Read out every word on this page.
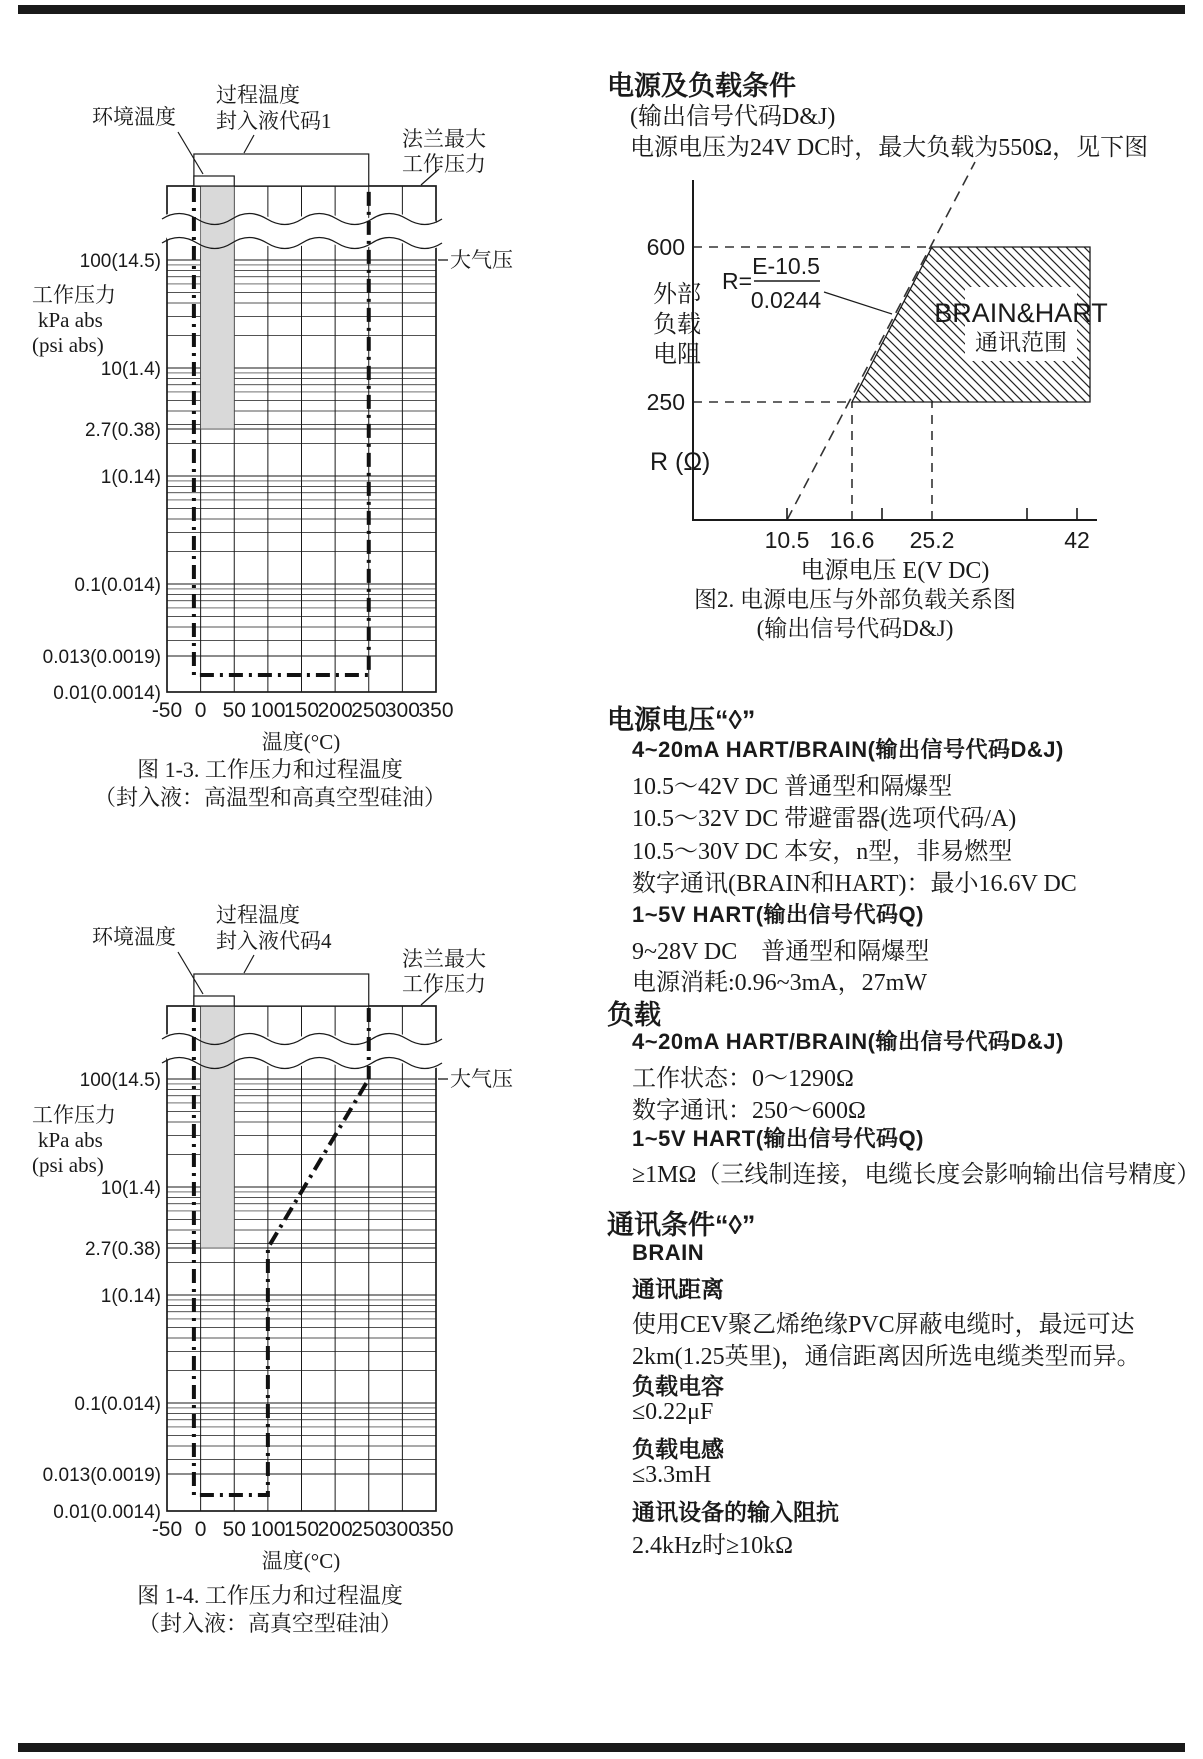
大气压
环境温度
过程温度
封入液代码1
法兰最大
工作压力
工作压力
kPa abs
(psi abs)
100(14.5)
10(1.4)
2.7(0.38)
1(0.14)
0.1(0.014)
0.013(0.0019)
0.01(0.0014)
-50 0 50 100
150
200
250
300
350
温度(°C)
图 1-3. 工作压力和过程温度
（封入液：高温型和高真空型硅油）
大气压
环境温度
过程温度
封入液代码4
法兰最大
工作压力
工作压力
kPa abs
(psi abs)
100(14.5)
10(1.4)
2.7(0.38)
1(0.14)
0.1(0.014)
0.013(0.0019)
0.01(0.0014)
-50 0 50 100
150
200
250
300
350
温度(°C)
图 1-4. 工作压力和过程温度
（封入液：高真空型硅油）
BRAIN&HART
通讯范围
600
250
外部
负载
电阻
R (Ω)
R=
E-10.5
0.0244
10.5 16.6 25.2	42
电源电压 E(V DC)
图2. 电源电压与外部负载关系图
(输出信号代码D&J)
电源及负载条件
(输出信号代码D&J)
电源电压为24V DC时，最大负载为550Ω，见下图
电源电压“◊”
4~20mA HART/BRAIN(输出信号代码D&J)
10.5～42V DC 普通型和隔爆型
10.5～32V DC 带避雷器(选项代码/A)
10.5～30V DC 本安，n型，非易燃型
数字通讯(BRAIN和HART)：最小16.6V DC
1~5V HART(输出信号代码Q)
9~28V DC　普通型和隔爆型
电源消耗:0.96~3mA，27mW
负载
4~20mA HART/BRAIN(输出信号代码D&J)
工作状态：0～1290Ω
数字通讯：250～600Ω
1~5V HART(输出信号代码Q)
≥1MΩ（三线制连接，电缆长度会影响输出信号精度）
通讯条件“◊”
BRAIN
通讯距离
使用CEV聚乙烯绝缘PVC屏蔽电缆时，最远可达
2km(1.25英里)，通信距离因所选电缆类型而异。
负载电容
≤0.22μF
负载电感
≤3.3mH
通讯设备的输入阻抗
2.4kHz时≥10kΩ
